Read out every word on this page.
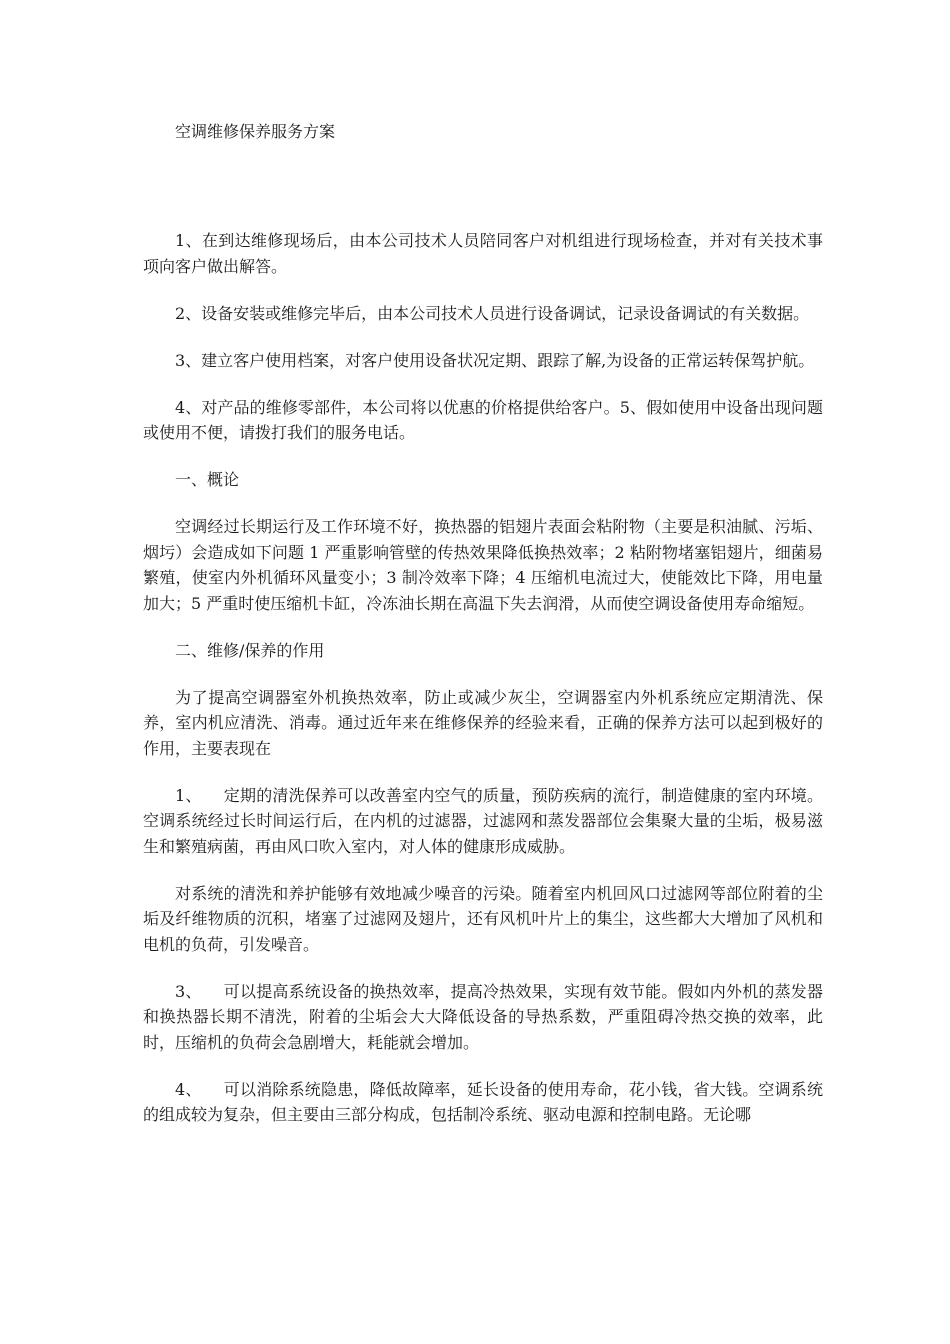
空调维修保养服务方案

1、在到达维修现场后，由本公司技术人员陪同客户对机组进行现场检查，并对有关技术事项向客户做出解答。

2、设备安装或维修完毕后，由本公司技术人员进行设备调试，记录设备调试的有关数据。

3、建立客户使用档案，对客户使用设备状况定期、跟踪了解,为设备的正常运转保驾护航。

4、对产品的维修零部件，本公司将以优惠的价格提供给客户。5、假如使用中设备出现问题或使用不便，请拨打我们的服务电话。

一、概论

空调经过长期运行及工作环境不好，换热器的铝翅片表面会粘附物（主要是积油腻、污垢、烟圬）会造成如下问题 1 严重影响管壁的传热效果降低换热效率；2 粘附物堵塞铝翅片，细菌易繁殖，使室内外机循环风量变小；3 制冷效率下降；4 压缩机电流过大，使能效比下降，用电量加大；5 严重时使压缩机卡缸，冷冻油长期在高温下失去润滑，从而使空调设备使用寿命缩短。

二、维修/保养的作用

为了提高空调器室外机换热效率，防止或减少灰尘，空调器室内外机系统应定期清洗、保养，室内机应清洗、消毒。通过近年来在维修保养的经验来看，正确的保养方法可以起到极好的作用，主要表现在

1、 定期的清洗保养可以改善室内空气的质量，预防疾病的流行，制造健康的室内环境。空调系统经过长时间运行后，在内机的过滤器，过滤网和蒸发器部位会集聚大量的尘垢，极易滋生和繁殖病菌，再由风口吹入室内，对人体的健康形成威胁。

对系统的清洗和养护能够有效地减少噪音的污染。随着室内机回风口过滤网等部位附着的尘垢及纤维物质的沉积，堵塞了过滤网及翅片，还有风机叶片上的集尘，这些都大大增加了风机和电机的负荷，引发噪音。

3、 可以提高系统设备的换热效率，提高冷热效果，实现有效节能。假如内外机的蒸发器和换热器长期不清洗，附着的尘垢会大大降低设备的导热系数，严重阻碍冷热交换的效率，此时，压缩机的负荷会急剧增大，耗能就会增加。

4、 可以消除系统隐患，降低故障率，延长设备的使用寿命，花小钱，省大钱。空调系统的组成较为复杂，但主要由三部分构成，包括制冷系统、驱动电源和控制电路。无论哪
